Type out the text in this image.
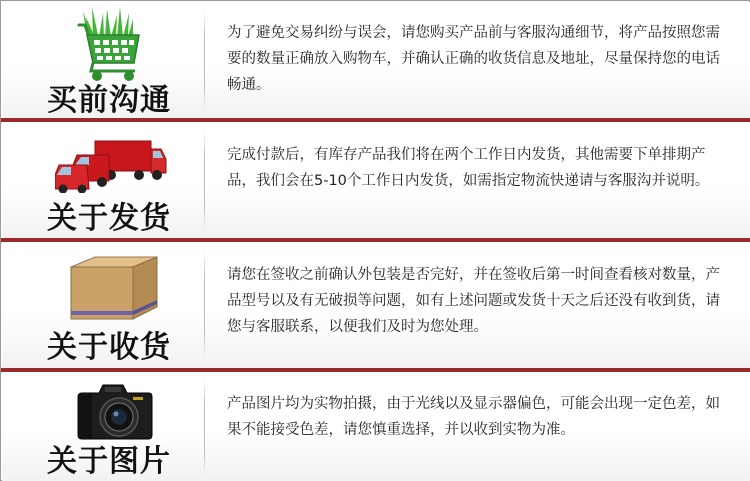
买前沟通

为了避免交易纠纷与误会，请您购买产品前与客服沟通细节，将产品按照您需要的数量正确放入购物车，并确认正确的收货信息及地址，尽量保持您的电话畅通。

关于发货

完成付款后，有库存产品我们将在两个工作日内发货，其他需要下单排期产品，我们会在5-10个工作日内发货，如需指定物流快递请与客服沟并说明。

关于收货

请您在签收之前确认外包装是否完好，并在签收后第一时间查看核对数量，产品型号以及有无破损等问题，如有上述问题或发货十天之后还没有收到货，请您与客服联系，以便我们及时为您处理。

关于图片

产品图片均为实物拍摄，由于光线以及显示器偏色，可能会出现一定色差，如果不能接受色差，请您慎重选择，并以收到实物为准。
